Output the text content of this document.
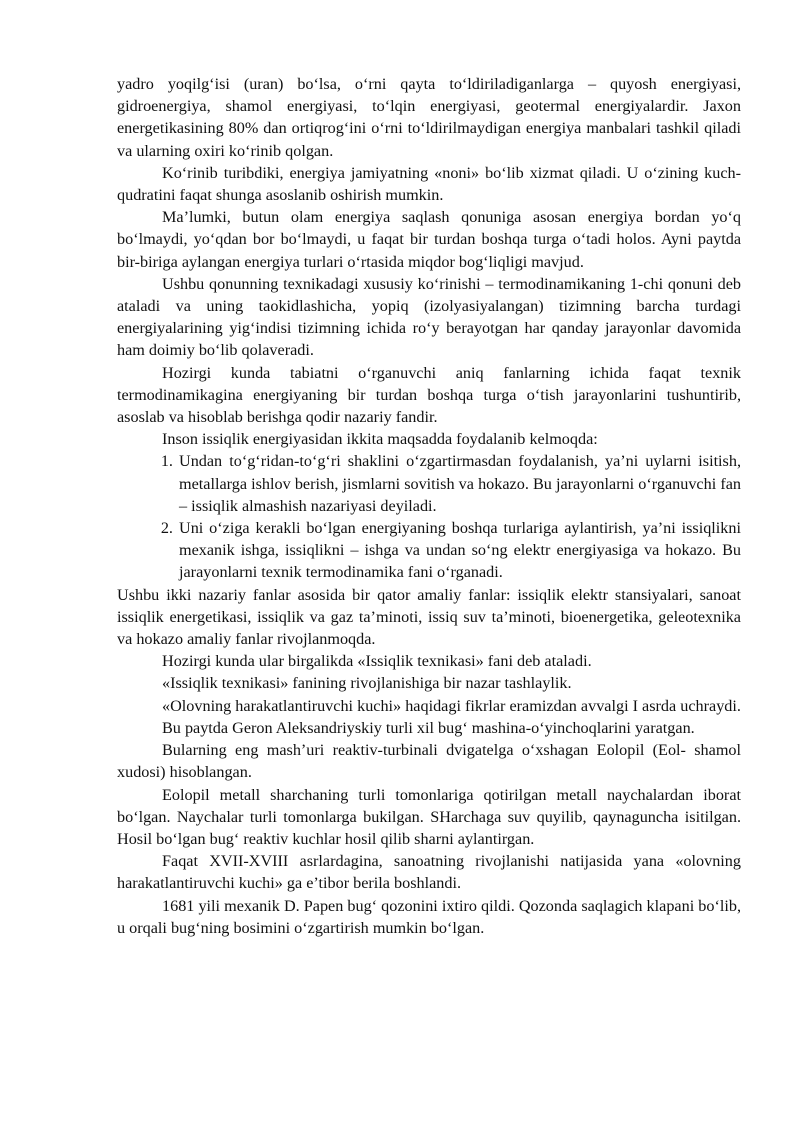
yadro yoqilg‘isi (uran) bo‘lsa, o‘rni qayta to‘ldiriladiganlarga – quyosh energiyasi, gidroenergiya, shamol energiyasi, to‘lqin energiyasi, geotermal energiyalardir. Jaxon energetikasining 80% dan ortiqrog‘ini o‘rni to‘ldirilmaydigan energiya manbalari tashkil qiladi va ularning oxiri ko‘rinib qolgan.

Ko‘rinib turibdiki, energiya jamiyatning «noni» bo‘lib xizmat qiladi. U o‘zining kuch-qudratini faqat shunga asoslanib oshirish mumkin.

Ma’lumki, butun olam energiya saqlash qonuniga asosan energiya bordan yo‘q bo‘lmaydi, yo‘qdan bor bo‘lmaydi, u faqat bir turdan boshqa turga o‘tadi holos. Ayni paytda bir-biriga aylangan energiya turlari o‘rtasida miqdor bog‘liqligi mavjud.

Ushbu qonunning texnikadagi xususiy ko‘rinishi – termodinamikaning 1-chi qonuni deb ataladi va uning taokidlashicha, yopiq (izolyasiyalangan) tizimning barcha turdagi energiyalarining yig‘indisi tizimning ichida ro‘y berayotgan har qanday jarayonlar davomida ham doimiy bo‘lib qolaveradi.

Hozirgi kunda tabiatni o‘rganuvchi aniq fanlarning ichida faqat texnik termodinamikagina energiyaning bir turdan boshqa turga o‘tish jarayonlarini tushuntirib, asoslab va hisoblab berishga qodir nazariy fandir.

Inson issiqlik energiyasidan ikkita maqsadda foydalanib kelmoqda:

1. Undan to‘g‘ridan-to‘g‘ri shaklini o‘zgartirmasdan foydalanish, ya’ni uylarni isitish, metallarga ishlov berish, jismlarni sovitish va hokazo. Bu jarayonlarni o‘rganuvchi fan – issiqlik almashish nazariyasi deyiladi.
2. Uni o‘ziga kerakli bo‘lgan energiyaning boshqa turlariga aylantirish, ya’ni issiqlikni mexanik ishga, issiqlikni – ishga va undan so‘ng elektr energiyasiga va hokazo. Bu jarayonlarni texnik termodinamika fani o‘rganadi.

Ushbu ikki nazariy fanlar asosida bir qator amaliy fanlar: issiqlik elektr stansiyalari, sanoat issiqlik energetikasi, issiqlik va gaz ta’minoti, issiq suv ta’minoti, bioenergetika, geleotexnika va hokazo amaliy fanlar rivojlanmoqda.

Hozirgi kunda ular birgalikda «Issiqlik texnikasi» fani deb ataladi.

«Issiqlik texnikasi» fanining rivojlanishiga bir nazar tashlaylik.

«Olovning harakatlantiruvchi kuchi» haqidagi fikrlar eramizdan avvalgi I asrda uchraydi.

Bu paytda Geron Aleksandriyskiy turli xil bug‘ mashina-o‘yinchoqlarini yaratgan.

Bularning eng mash’uri reaktiv-turbinali dvigatelga o‘xshagan Eolopil (Eol- shamol xudosi) hisoblangan.

Eolopil metall sharchaning turli tomonlariga qotirilgan metall naychalardan iborat bo‘lgan. Naychalar turli tomonlarga bukilgan. SHarchaga suv quyilib, qaynaguncha isitilgan. Hosil bo‘lgan bug‘ reaktiv kuchlar hosil qilib sharni aylantirgan.

Faqat XVII-XVIII asrlardagina, sanoatning rivojlanishi natijasida yana «olovning harakatlantiruvchi kuchi» ga e’tibor berila boshlandi.

1681 yili mexanik D. Papen bug‘ qozonini ixtiro qildi. Qozonda saqlagich klapani bo‘lib, u orqali bug‘ning bosimini o‘zgartirish mumkin bo‘lgan.
